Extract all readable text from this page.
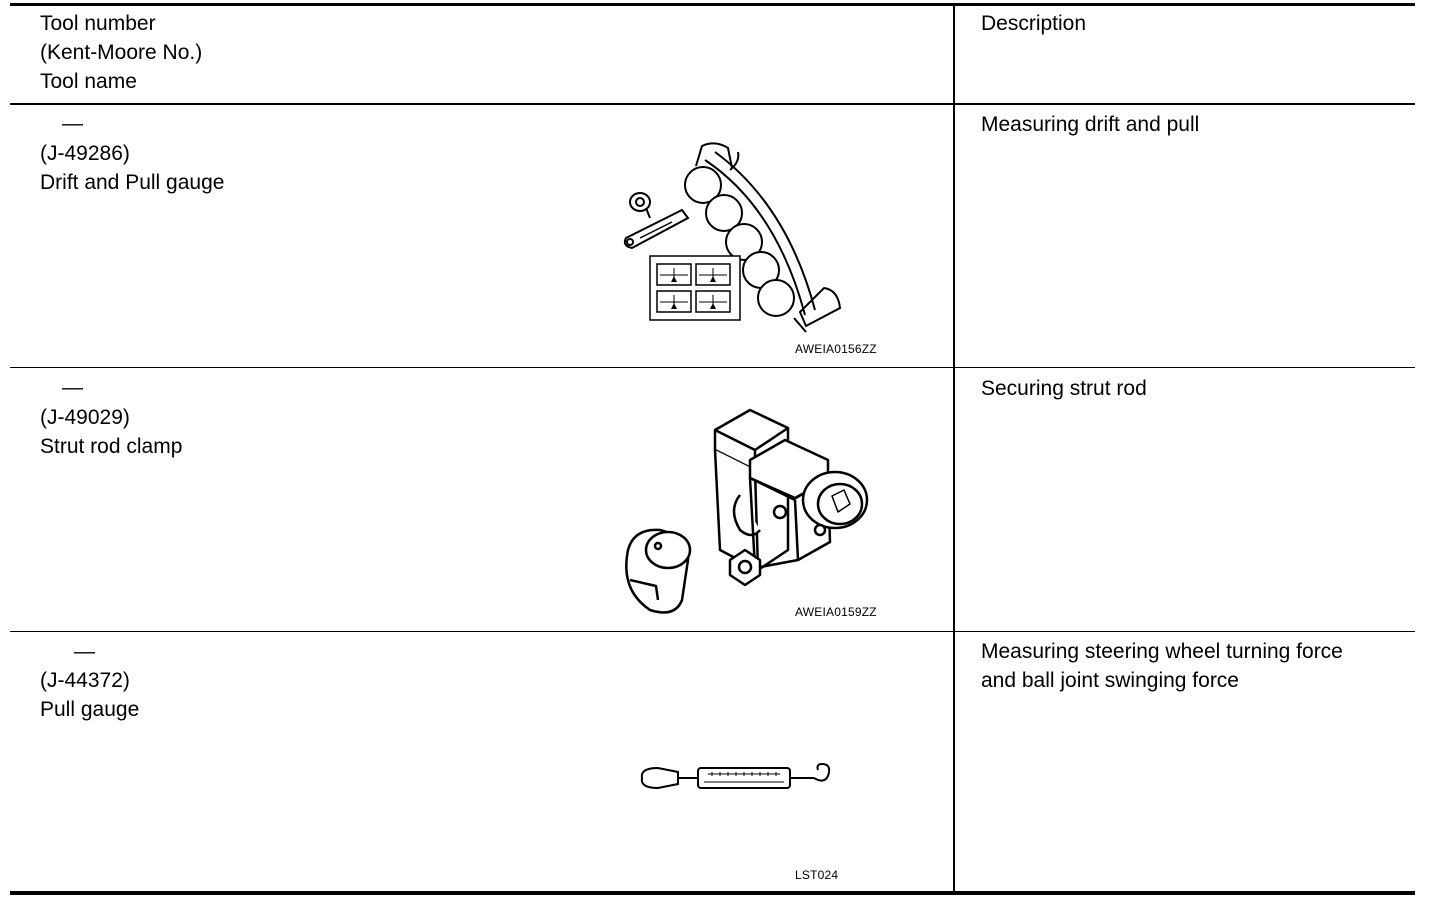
Tool number
(Kent-Moore No.)
Tool name
Description
—
(J-49286)
Drift and Pull gauge
Measuring drift and pull
AWEIA0156ZZ
—
(J-49029)
Strut rod clamp
Securing strut rod
AWEIA0159ZZ
—
(J-44372)
Pull gauge
Measuring steering wheel turning force
and ball joint swinging force
LST024
